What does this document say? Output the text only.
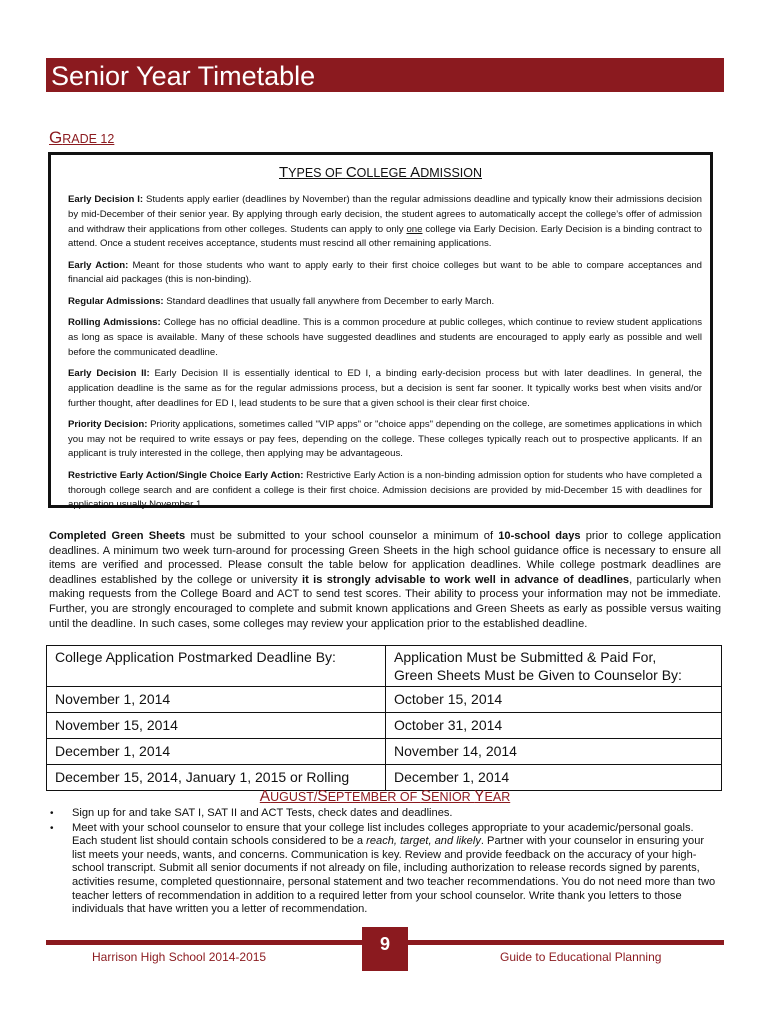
Senior Year Timetable
GRADE 12
TYPES OF COLLEGE ADMISSION

Early Decision I: Students apply earlier (deadlines by November) than the regular admissions deadline and typically know their admissions decision by mid-December of their senior year. By applying through early decision, the student agrees to automatically accept the college’s offer of admission and withdraw their applications from other colleges. Students can apply to only one college via Early Decision. Early Decision is a binding contract to attend. Once a student receives acceptance, students must rescind all other remaining applications.

Early Action: Meant for those students who want to apply early to their first choice colleges but want to be able to compare acceptances and financial aid packages (this is non-binding).

Regular Admissions: Standard deadlines that usually fall anywhere from December to early March.

Rolling Admissions: College has no official deadline. This is a common procedure at public colleges, which continue to review student applications as long as space is available. Many of these schools have suggested deadlines and students are encouraged to apply early as possible and well before the communicated deadline.

Early Decision II: Early Decision II is essentially identical to ED I, a binding early-decision process but with later deadlines. In general, the application deadline is the same as for the regular admissions process, but a decision is sent far sooner. It typically works best when visits and/or further thought, after deadlines for ED I, lead students to be sure that a given school is their clear first choice.

Priority Decision: Priority applications, sometimes called "VIP apps" or "choice apps" depending on the college, are sometimes applications in which you may not be required to write essays or pay fees, depending on the college. These colleges typically reach out to prospective applicants. If an applicant is truly interested in the college, then applying may be advantageous.

Restrictive Early Action/Single Choice Early Action: Restrictive Early Action is a non-binding admission option for students who have completed a thorough college search and are confident a college is their first choice. Admission decisions are provided by mid-December 15 with deadlines for application usually November 1.

Completed Green Sheets must be submitted to your school counselor a minimum of 10-school days prior to college application deadlines. A minimum two week turn-around for processing Green Sheets in the high school guidance office is necessary to ensure all items are verified and processed. Please consult the table below for application deadlines. While college postmark deadlines are deadlines established by the college or university it is strongly advisable to work well in advance of deadlines, particularly when making requests from the College Board and ACT to send test scores. Their ability to process your information may not be immediate. Further, you are strongly encouraged to complete and submit known applications and Green Sheets as early as possible versus waiting until the deadline. In such cases, some colleges may review your application prior to the established deadline.
College Application Postmarked Deadline By:	Application Must be Submitted & Paid For,
Green Sheets Must be Given to Counselor By:
November 1, 2014	October 15, 2014
November 15, 2014	October 31, 2014
December 1, 2014	November 14, 2014
December 15, 2014, January 1, 2015 or Rolling	December 1, 2014
AUGUST/SEPTEMBER OF SENIOR YEAR
• Sign up for and take SAT I, SAT II and ACT Tests, check dates and deadlines.
• Meet with your school counselor to ensure that your college list includes colleges appropriate to your academic/personal goals. Each student list should contain schools considered to be a reach, target, and likely. Partner with your counselor in ensuring your list meets your needs, wants, and concerns. Communication is key. Review and provide feedback on the accuracy of your high-school transcript. Submit all senior documents if not already on file, including authorization to release records signed by parents, activities resume, completed questionnaire, personal statement and two teacher recommendations. You do not need more than two teacher letters of recommendation in addition to a required letter from your school counselor. Write thank you letters to those individuals that have written you a letter of recommendation.
9
Harrison High School 2014-2015	Guide to Educational Planning
